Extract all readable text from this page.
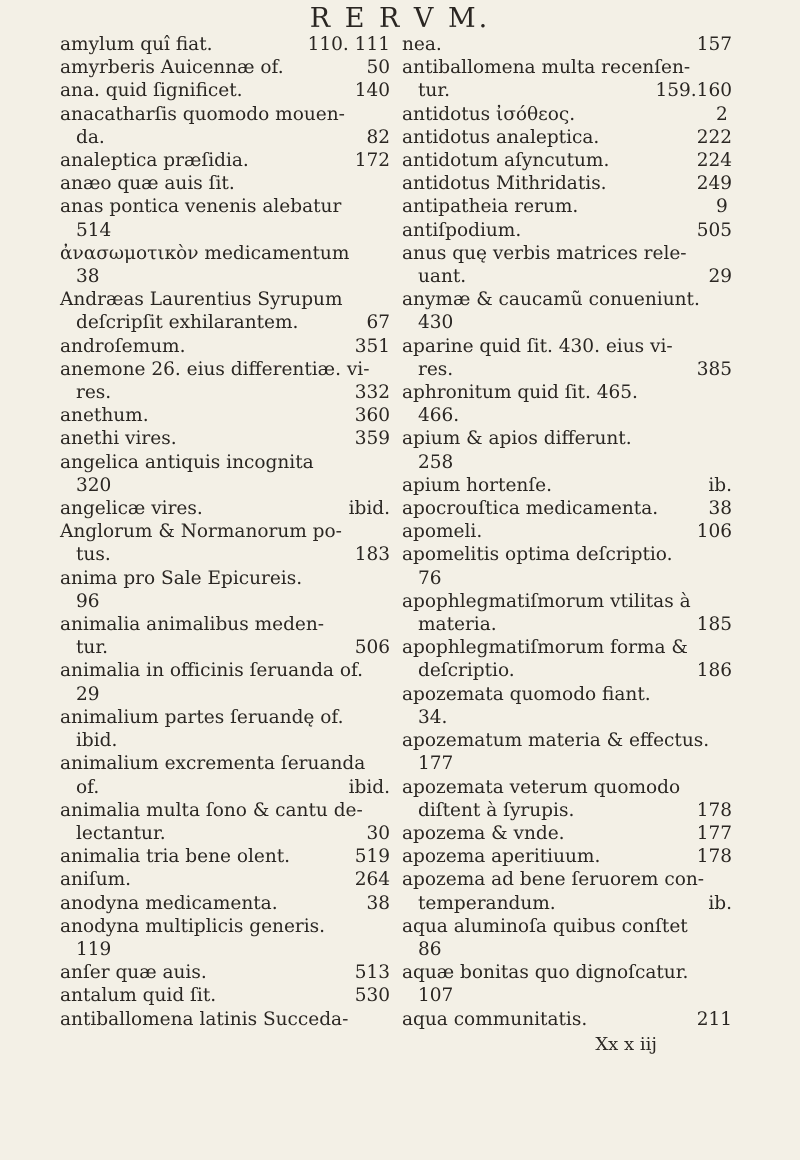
R E R V M.
amylum quî fiat.	110. 111
amyrberis Auicennæ of.	50
ana. quid ſignificet.	140
anacatharſis quomodo mouen-
da.	82
analeptica præſidia.	172
anæo quæ auis ſit.
anas pontica venenis alebatur
514
ἀνασωμοτικὸν medicamentum
38
Andræas Laurentius Syrupum
deſcripſit exhilarantem.	67
androſemum.	351
anemone 26. eius differentiæ. vi-
res.	332
anethum.	360
anethi vires.	359
angelica antiquis incognita
320
angelicæ vires.	ibid.
Anglorum & Normanorum po-
tus.	183
anima pro Sale Epicureis.
96
animalia animalibus meden-
tur.	506
animalia in officinis ſeruanda of.
29
animalium partes ſeruandę of.
ibid.
animalium excrementa ſeruanda
of.	ibid.
animalia multa ſono & cantu de-
lectantur.	30
animalia tria bene olent.	519
aniſum.	264
anodyna medicamenta.	38
anodyna multiplicis generis.
119
anſer quæ auis.	513
antalum quid ſit.	530
antiballomena latinis Succeda-
nea.	157
antiballomena multa recenſen-
tur.	159.160
antidotus ἰσόθεος.	2
antidotus analeptica.	222
antidotum aſyncutum.	224
antidotus Mithridatis.	249
antipatheia rerum.	9
antiſpodium.	505
anus quę verbis matrices rele-
uant.	29
anymæ & caucamũ conueniunt.
430
aparine quid ſit. 430. eius vi-
res.	385
aphronitum quid ſit. 465.
466.
apium & apios differunt.
258
apium hortenſe.	ib.
apocrouſtica medicamenta.	38
apomeli.	106
apomelitis optima deſcriptio.
76
apophlegmatiſmorum vtilitas à
materia.	185
apophlegmatiſmorum forma &
deſcriptio.	186
apozemata quomodo fiant.
34.
apozematum materia & effectus.
177
apozemata veterum quomodo
diſtent à ſyrupis.	178
apozema & vnde.	177
apozema aperitiuum.	178
apozema ad bene ſeruorem con-
temperandum.	ib.
aqua aluminoſa quibus conſtet
86
aquæ bonitas quo dignoſcatur.
107
aqua communitatis.	211
Xx x iij
